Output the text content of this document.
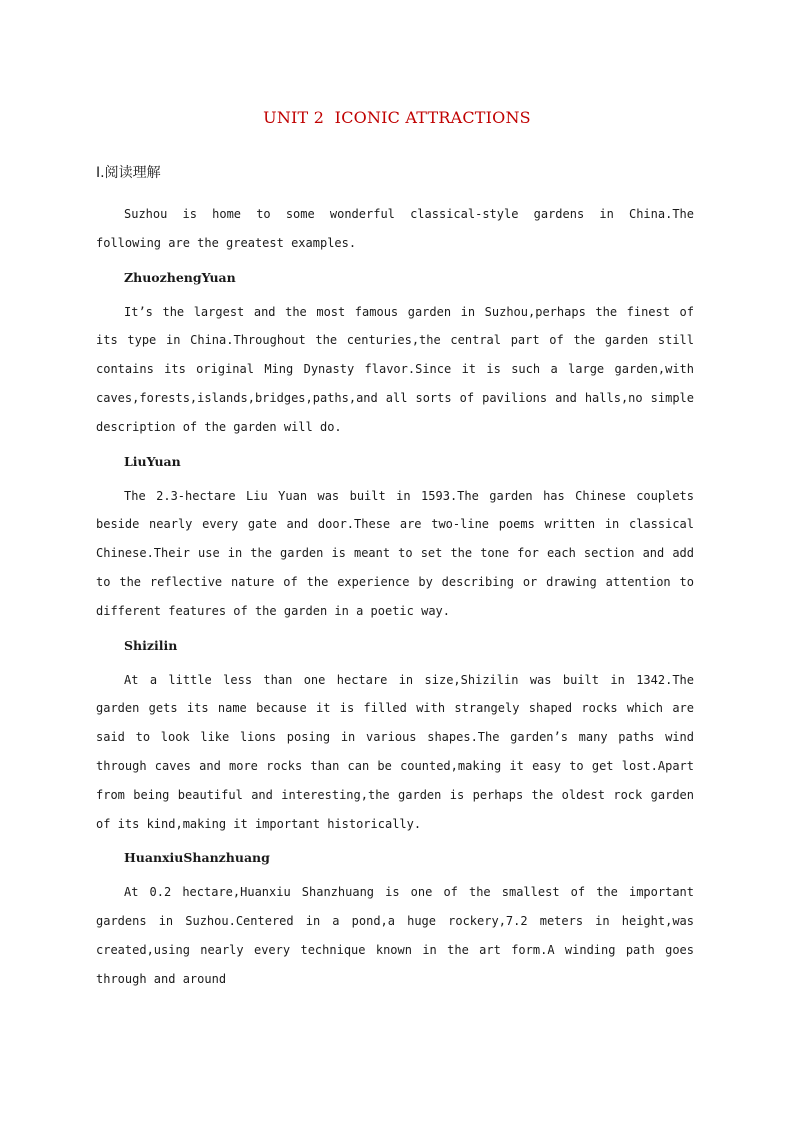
UNIT 2  ICONIC ATTRACTIONS
Ⅰ.阅读理解

Suzhou is home to some wonderful classical-style gardens in China.The following are the greatest examples.

ZhuozhengYuan

It’s the largest and the most famous garden in Suzhou,perhaps the finest of its type in China.Throughout the centuries,the central part of the garden still contains its original Ming Dynasty flavor.Since it is such a large garden,with caves,forests,islands,bridges,paths,and all sorts of pavilions and halls,no simple description of the garden will do.

LiuYuan

The 2.3-hectare Liu Yuan was built in 1593.The garden has Chinese couplets beside nearly every gate and door.These are two-line poems written in classical Chinese.Their use in the garden is meant to set the tone for each section and add to the reflective nature of the experience by describing or drawing attention to different features of the garden in a poetic way.

Shizilin

At a little less than one hectare in size,Shizilin was built in 1342.The garden gets its name because it is filled with strangely shaped rocks which are said to look like lions posing in various shapes.The garden’s many paths wind through caves and more rocks than can be counted,making it easy to get lost.Apart from being beautiful and interesting,the garden is perhaps the oldest rock garden of its kind,making it important historically.

HuanxiuShanzhuang

At 0.2 hectare,Huanxiu Shanzhuang is one of the smallest of the important gardens in Suzhou.Centered in a pond,a huge rockery,7.2 meters in height,was created,using nearly every technique known in the art form.A winding path goes through and around
